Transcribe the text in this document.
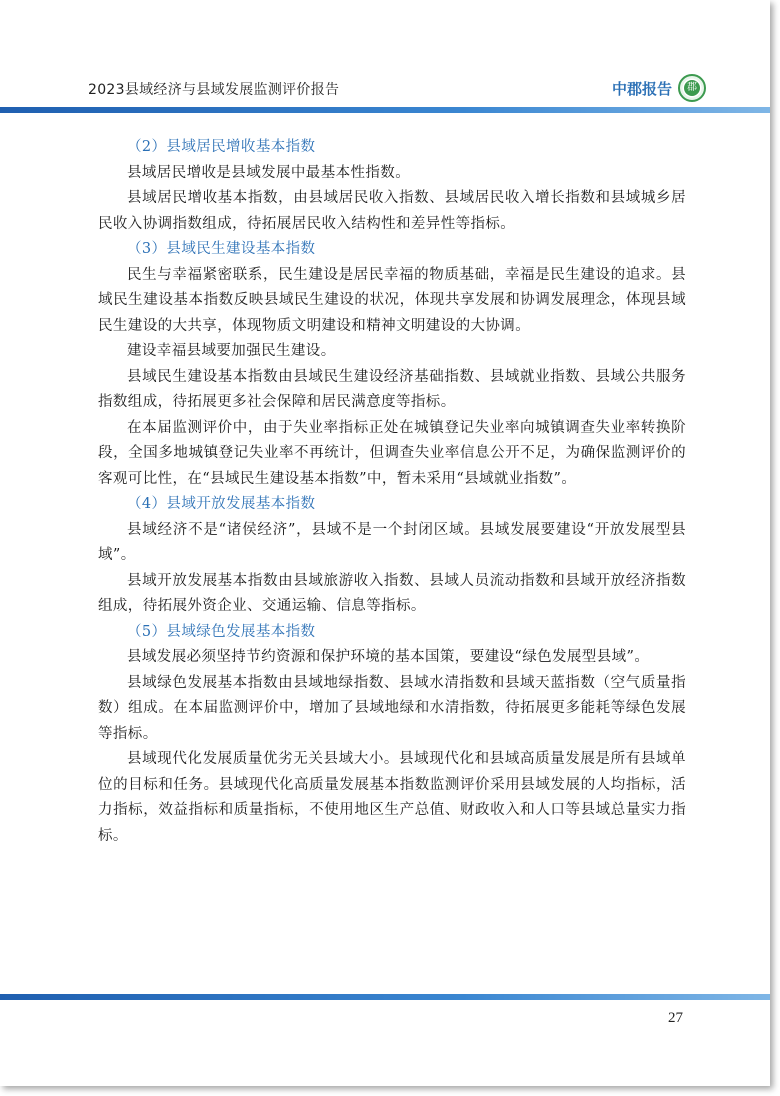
2023县域经济与县域发展监测评价报告	中郡报告	郡

（2）县域居民增收基本指数

县域居民增收是县域发展中最基本性指数。

县域居民增收基本指数，由县域居民收入指数、县域居民收入增长指数和县域城乡居民收入协调指数组成，待拓展居民收入结构性和差异性等指标。

（3）县域民生建设基本指数

民生与幸福紧密联系，民生建设是居民幸福的物质基础，幸福是民生建设的追求。县域民生建设基本指数反映县域民生建设的状况，体现共享发展和协调发展理念，体现县域民生建设的大共享，体现物质文明建设和精神文明建设的大协调。

建设幸福县域要加强民生建设。

县域民生建设基本指数由县域民生建设经济基础指数、县域就业指数、县域公共服务指数组成，待拓展更多社会保障和居民满意度等指标。

在本届监测评价中，由于失业率指标正处在城镇登记失业率向城镇调查失业率转换阶段，全国多地城镇登记失业率不再统计，但调查失业率信息公开不足，为确保监测评价的客观可比性，在“县域民生建设基本指数”中，暂未采用“县域就业指数”。

（4）县域开放发展基本指数

县域经济不是“诸侯经济”，县域不是一个封闭区域。县域发展要建设“开放发展型县域”。

县域开放发展基本指数由县域旅游收入指数、县域人员流动指数和县域开放经济指数组成，待拓展外资企业、交通运输、信息等指标。

（5）县域绿色发展基本指数

县域发展必须坚持节约资源和保护环境的基本国策，要建设“绿色发展型县域”。

县域绿色发展基本指数由县域地绿指数、县域水清指数和县域天蓝指数（空气质量指数）组成。在本届监测评价中，增加了县域地绿和水清指数，待拓展更多能耗等绿色发展等指标。

县域现代化发展质量优劣无关县域大小。县域现代化和县域高质量发展是所有县域单位的目标和任务。县域现代化高质量发展基本指数监测评价采用县域发展的人均指标，活力指标，效益指标和质量指标，不使用地区生产总值、财政收入和人口等县域总量实力指标。

27
